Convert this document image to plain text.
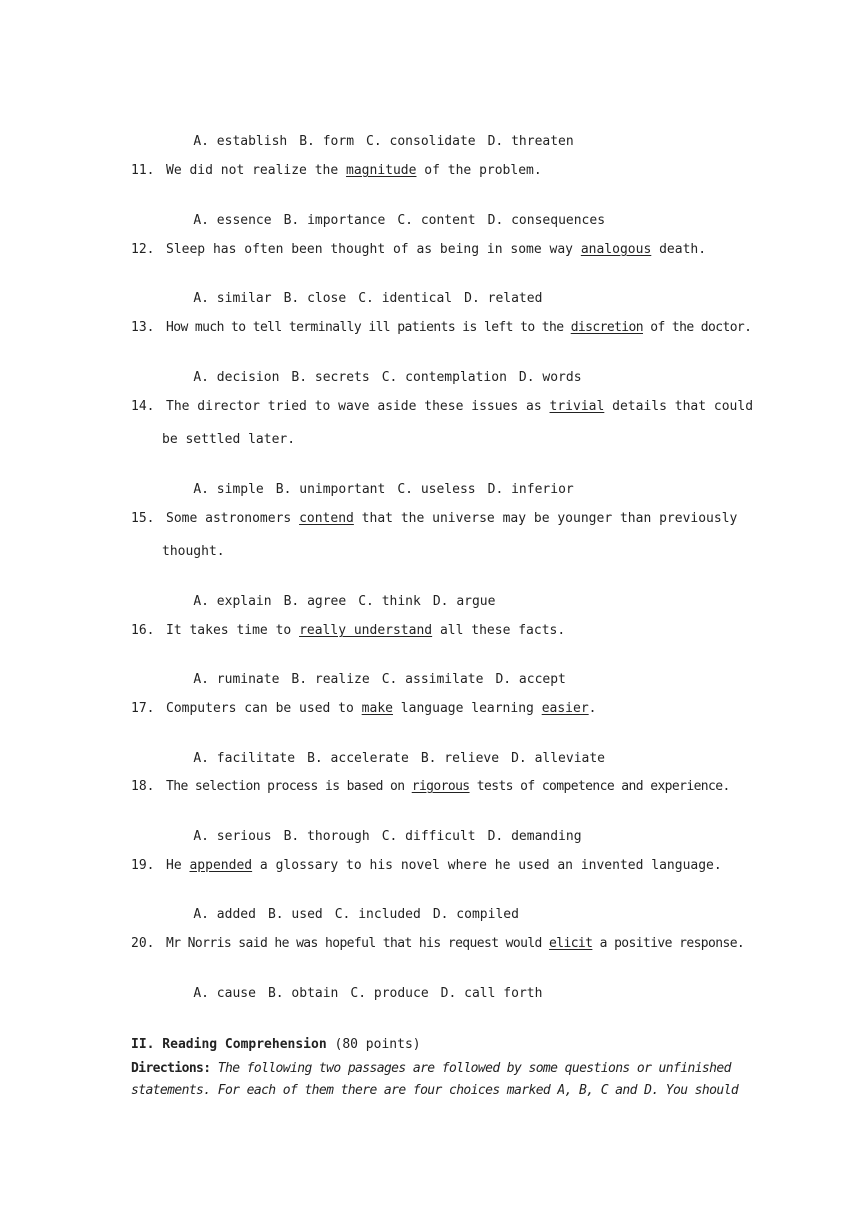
A. establish B. form C. consolidate D. threaten

11. We did not realize the magnitude of the problem.

A. essence B. importance C. content D. consequences

12. Sleep has often been thought of as being in some way analogous death.

A. similar B. close C. identical D. related

13. How much to tell terminally ill patients is left to the discretion of the doctor.

A. decision B. secrets C. contemplation D. words

14. The director tried to wave aside these issues as trivial details that could
be settled later.

A. simple B. unimportant C. useless D. inferior

15. Some astronomers contend that the universe may be younger than previously
thought.

A. explain B. agree C. think D. argue

16. It takes time to really understand all these facts.

A. ruminate B. realize C. assimilate D. accept

17. Computers can be used to make language learning easier.

A. facilitate B. accelerate B. relieve D. alleviate

18. The selection process is based on rigorous tests of competence and experience.

A. serious B. thorough C. difficult D. demanding

19. He appended a glossary to his novel where he used an invented language.

A. added B. used C. included D. compiled

20. Mr Norris said he was hopeful that his request would elicit a positive response.

A. cause B. obtain C. produce D. call forth

II. Reading Comprehension (80 points)
Directions: The following two passages are followed by some questions or unfinished
statements. For each of them there are four choices marked A, B, C and D. You should
